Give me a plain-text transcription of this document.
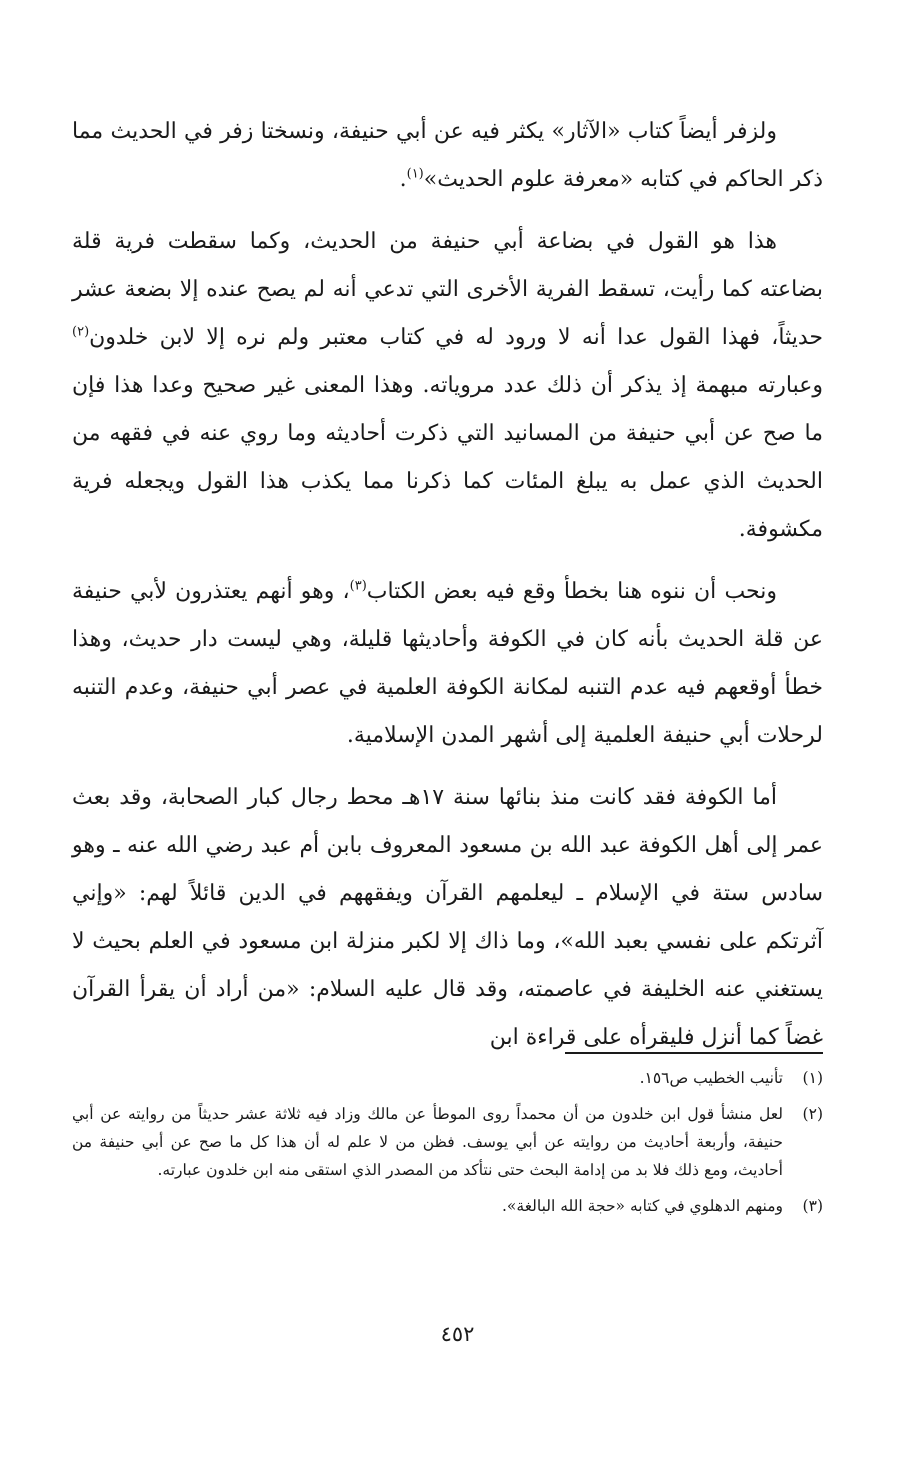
ولزفر أيضاً كتاب «الآثار» يكثر فيه عن أبي حنيفة، ونسختا زفر في الحديث مما ذكر الحاكم في كتابه «معرفة علوم الحديث»$^{(١)}$.

هذا هو القول في بضاعة أبي حنيفة من الحديث، وكما سقطت فرية قلة بضاعته كما رأيت، تسقط الفرية الأخرى التي تدعي أنه لم يصح عنده إلا بضعة عشر حديثاً، فهذا القول عدا أنه لا ورود له في كتاب معتبر ولم نره إلا لابن خلدون$^{(٢)}$ وعبارته مبهمة إذ يذكر أن ذلك عدد مروياته. وهذا المعنى غير صحيح وعدا هذا فإن ما صح عن أبي حنيفة من المسانيد التي ذكرت أحاديثه وما روي عنه في فقهه من الحديث الذي عمل به يبلغ المئات كما ذكرنا مما يكذب هذا القول ويجعله فرية مكشوفة.

ونحب أن ننوه هنا بخطأ وقع فيه بعض الكتاب$^{(٣)}$، وهو أنهم يعتذرون لأبي حنيفة عن قلة الحديث بأنه كان في الكوفة وأحاديثها قليلة، وهي ليست دار حديث، وهذا خطأ أوقعهم فيه عدم التنبه لمكانة الكوفة العلمية في عصر أبي حنيفة، وعدم التنبه لرحلات أبي حنيفة العلمية إلى أشهر المدن الإسلامية.

أما الكوفة فقد كانت منذ بنائها سنة ١٧هـ محط رجال كبار الصحابة، وقد بعث عمر إلى أهل الكوفة عبد الله بن مسعود المعروف بابن أم عبد رضي الله عنه ـ وهو سادس ستة في الإسلام ـ ليعلمهم القرآن ويفقههم في الدين قائلاً لهم: «وإني آثرتكم على نفسي بعبد الله»، وما ذاك إلا لكبر منزلة ابن مسعود في العلم بحيث لا يستغني عنه الخليفة في عاصمته، وقد قال عليه السلام: «من أراد أن يقرأ القرآن غضاً كما أنزل فليقرأه على قراءة ابن

(١)
تأنيب الخطيب ص١٥٦.
(٢)
لعل منشأ قول ابن خلدون من أن محمداً روى الموطأ عن مالك وزاد فيه ثلاثة عشر حديثاً من روايته عن أبي حنيفة، وأربعة أحاديث من روايته عن أبي يوسف. فظن من لا علم له أن هذا كل ما صح عن أبي حنيفة من أحاديث، ومع ذلك فلا بد من إدامة البحث حتى نتأكد من المصدر الذي استقى منه ابن خلدون عبارته.
(٣)
ومنهم الدهلوي في كتابه «حجة الله البالغة».
٤٥٢
